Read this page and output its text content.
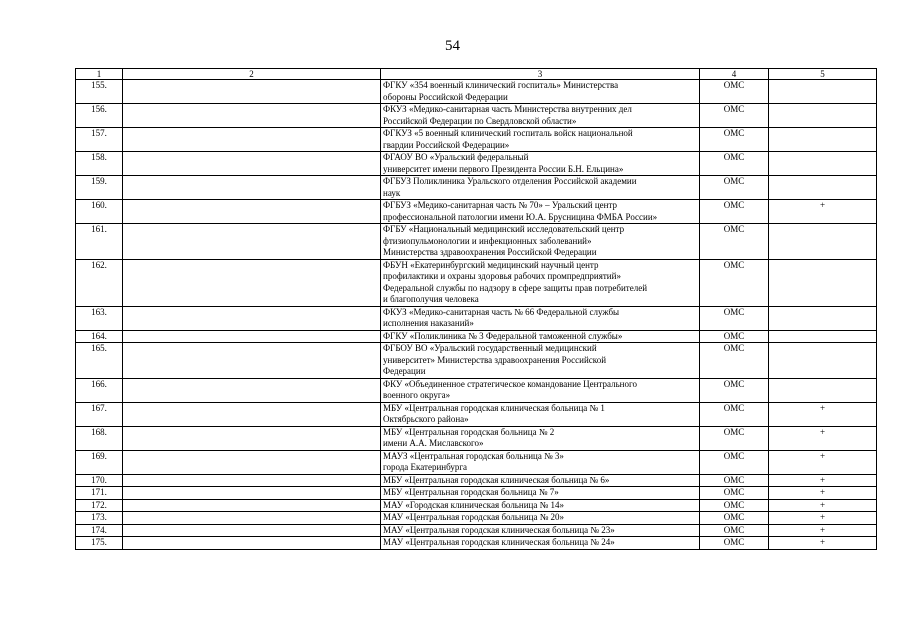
54
1	2	3	4	5
155.		ФГКУ «354 военный клинический госпиталь» Министерства
обороны Российской Федерации	ОМС	
156.		ФКУЗ «Медико-санитарная часть Министерства внутренних дел
Российской Федерации по Свердловской области»	ОМС	
157.		ФГКУЗ «5 военный клинический госпиталь войск национальной
гвардии Российской Федерации»	ОМС	
158.		ФГАОУ ВО «Уральский федеральный
университет имени первого Президента России Б.Н. Ельцина»	ОМС	
159.		ФГБУЗ Поликлиника Уральского отделения Российской академии
наук	ОМС	
160.		ФГБУЗ «Медико-санитарная часть № 70» – Уральский центр
профессиональной патологии имени Ю.А. Брусницина ФМБА России»	ОМС	+
161.		ФГБУ «Национальный медицинский исследовательский центр
фтизиопульмонологии и инфекционных заболеваний»
Министерства здравоохранения Российской Федерации	ОМС	
162.		ФБУН «Екатеринбургский медицинский научный центр
профилактики и охраны здоровья рабочих промпредприятий»
Федеральной службы по надзору в сфере защиты прав потребителей
и благополучия человека	ОМС	
163.		ФКУЗ «Медико-санитарная часть № 66 Федеральной службы
исполнения наказаний»	ОМС	
164.		ФГКУ «Поликлиника № 3 Федеральной таможенной службы»	ОМС	
165.		ФГБОУ ВО «Уральский государственный медицинский
университет» Министерства здравоохранения Российской
Федерации	ОМС	
166.		ФКУ «Объединенное стратегическое командование Центрального
военного округа»	ОМС	
167.		МБУ «Центральная городская клиническая больница № 1
Октябрьского района»	ОМС	+
168.		МБУ «Центральная городская больница № 2
имени А.А. Миславского»	ОМС	+
169.		МАУЗ «Центральная городская больница № 3»
города Екатеринбурга	ОМС	+
170.		МБУ «Центральная городская клиническая больница № 6»	ОМС	+
171.		МБУ «Центральная городская больница № 7»	ОМС	+
172.		МАУ «Городская клиническая больница № 14»	ОМС	+
173.		МАУ «Центральная городская больница № 20»	ОМС	+
174.		МАУ «Центральная городская клиническая больница № 23»	ОМС	+
175.		МАУ «Центральная городская клиническая больница № 24»	ОМС	+
